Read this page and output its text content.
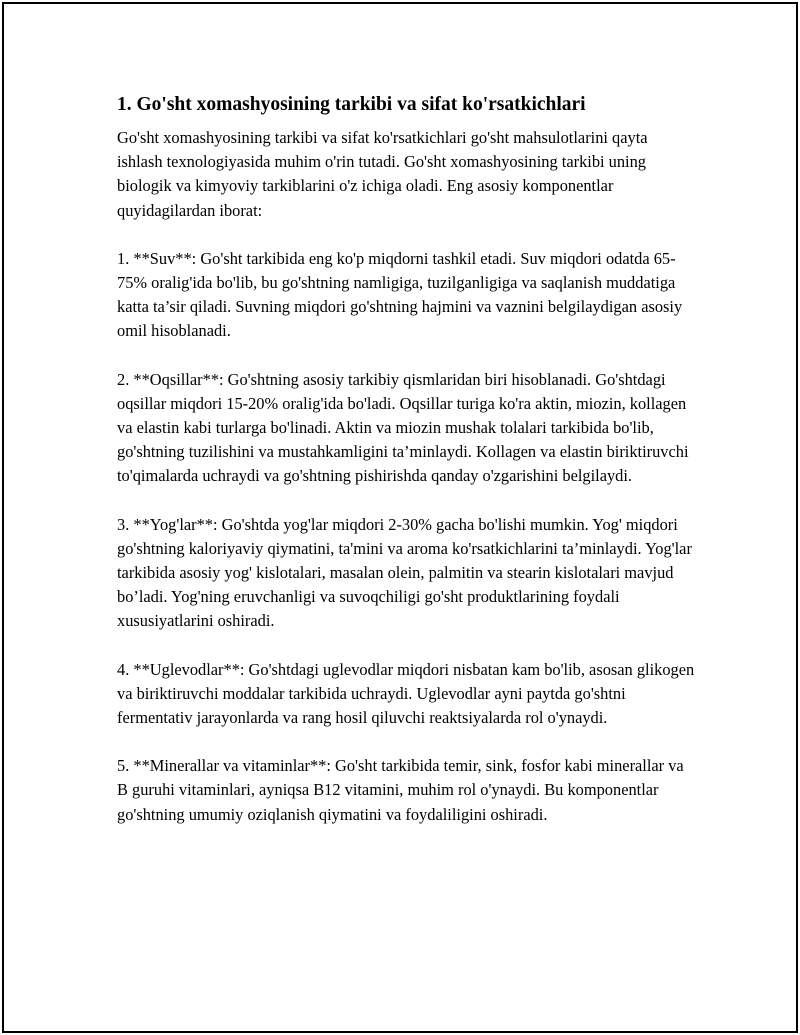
1. Go'sht xomashyosining tarkibi va sifat ko'rsatkichlari

Go'sht xomashyosining tarkibi va sifat ko'rsatkichlari go'sht mahsulotlarini qayta ishlash texnologiyasida muhim o'rin tutadi. Go'sht xomashyosining tarkibi uning biologik va kimyoviy tarkiblarini o'z ichiga oladi. Eng asosiy komponentlar quyidagilardan iborat:

1. **Suv**: Go'sht tarkibida eng ko'p miqdorni tashkil etadi. Suv miqdori odatda 65-75% oralig'ida bo'lib, bu go'shtning namligiga, tuzilganligiga va saqlanish muddatiga katta ta’sir qiladi. Suvning miqdori go'shtning hajmini va vaznini belgilaydigan asosiy omil hisoblanadi.

2. **Oqsillar**: Go'shtning asosiy tarkibiy qismlaridan biri hisoblanadi. Go'shtdagi oqsillar miqdori 15-20% oralig'ida bo'ladi. Oqsillar turiga ko'ra aktin, miozin, kollagen va elastin kabi turlarga bo'linadi. Aktin va miozin mushak tolalari tarkibida bo'lib, go'shtning tuzilishini va mustahkamligini ta’minlaydi. Kollagen va elastin biriktiruvchi to'qimalarda uchraydi va go'shtning pishirishda qanday o'zgarishini belgilaydi.

3. **Yog'lar**: Go'shtda yog'lar miqdori 2-30% gacha bo'lishi mumkin. Yog' miqdori go'shtning kaloriyaviy qiymatini, ta'mini va aroma ko'rsatkichlarini ta’minlaydi. Yog'lar tarkibida asosiy yog' kislotalari, masalan olein, palmitin va stearin kislotalari mavjud bo’ladi. Yog'ning eruvchanligi va suvoqchiligi go'sht produktlarining foydali xususiyatlarini oshiradi.

4. **Uglevodlar**: Go'shtdagi uglevodlar miqdori nisbatan kam bo'lib, asosan glikogen va biriktiruvchi moddalar tarkibida uchraydi. Uglevodlar ayni paytda go'shtni fermentativ jarayonlarda va rang hosil qiluvchi reaktsiyalarda rol o'ynaydi.

5. **Minerallar va vitaminlar**: Go'sht tarkibida temir, sink, fosfor kabi minerallar va B guruhi vitaminlari, ayniqsa B12 vitamini, muhim rol o'ynaydi. Bu komponentlar go'shtning umumiy oziqlanish qiymatini va foydaliligini oshiradi.
